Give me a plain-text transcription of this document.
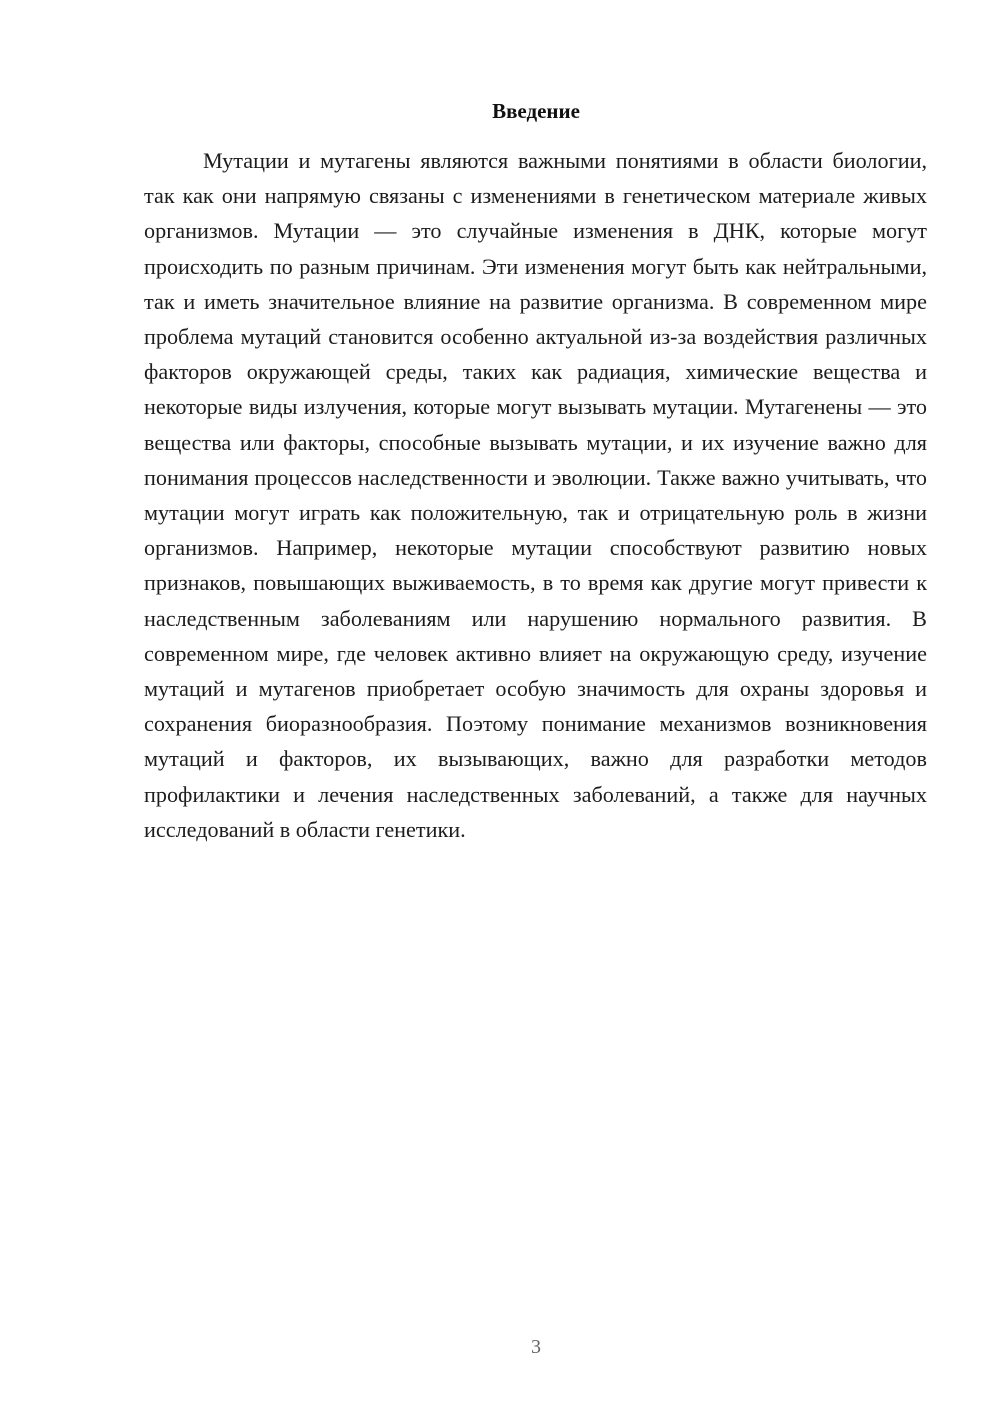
Введение

Мутации и мутагены являются важными понятиями в области биологии, так как они напрямую связаны с изменениями в генетическом материале живых организмов. Мутации — это случайные изменения в ДНК, которые могут происходить по разным причинам. Эти изменения могут быть как нейтральными, так и иметь значительное влияние на развитие организма. В современном мире проблема мутаций становится особенно актуальной из-за воздействия различных факторов окружающей среды, таких как радиация, химические вещества и некоторые виды излучения, которые могут вызывать мутации. Мутагенены — это вещества или факторы, способные вызывать мутации, и их изучение важно для понимания процессов наследственности и эволюции. Также важно учитывать, что мутации могут играть как положительную, так и отрицательную роль в жизни организмов. Например, некоторые мутации способствуют развитию новых признаков, повышающих выживаемость, в то время как другие могут привести к наследственным заболеваниям или нарушению нормального развития. В современном мире, где человек активно влияет на окружающую среду, изучение мутаций и мутагенов приобретает особую значимость для охраны здоровья и сохранения биоразнообразия. Поэтому понимание механизмов возникновения мутаций и факторов, их вызывающих, важно для разработки методов профилактики и лечения наследственных заболеваний, а также для научных исследований в области генетики.

3
